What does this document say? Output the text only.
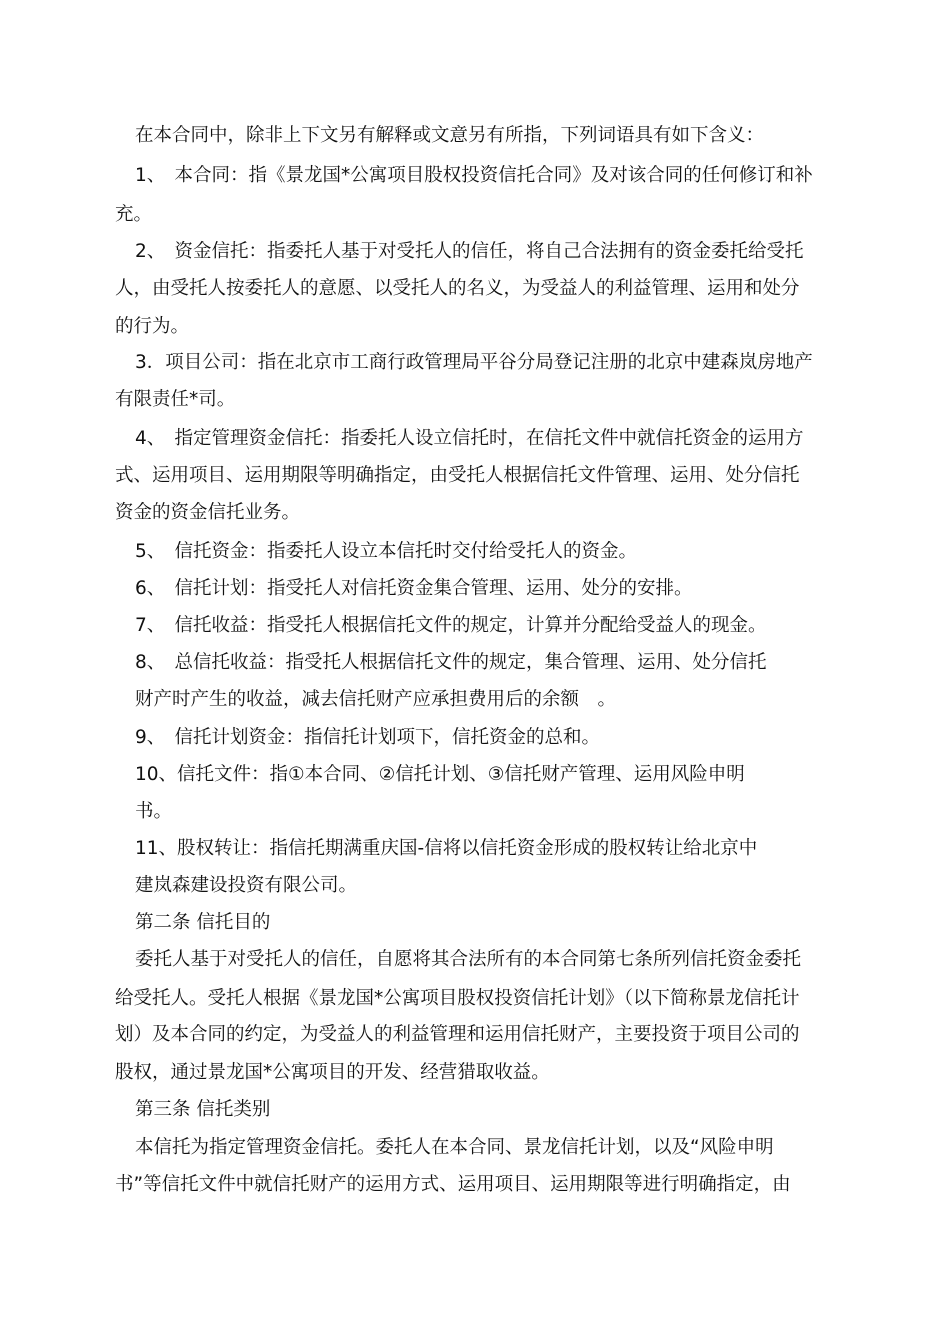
在本合同中，除非上下文另有解释或文意另有所指，下列词语具有如下含义：
1、　本合同：指《景龙国*公寓项目股权投资信托合同》及对该合同的任何修订和补
充。
2、　资金信托：指委托人基于对受托人的信任，将自己合法拥有的资金委托给受托
人，由受托人按委托人的意愿、以受托人的名义，为受益人的利益管理、运用和处分
的行为。
3．项目公司：指在北京市工商行政管理局平谷分局登记注册的北京中建森岚房地产
有限责任*司。
4、　指定管理资金信托：指委托人设立信托时，在信托文件中就信托资金的运用方
式、运用项目、运用期限等明确指定，由受托人根据信托文件管理、运用、处分信托
资金的资金信托业务。
5、　信托资金：指委托人设立本信托时交付给受托人的资金。
6、　信托计划：指受托人对信托资金集合管理、运用、处分的安排。
7、　信托收益：指受托人根据信托文件的规定，计算并分配给受益人的现金。
8、　总信托收益：指受托人根据信托文件的规定，集合管理、运用、处分信托
财产时产生的收益，减去信托财产应承担费用后的余额　。
9、　信托计划资金：指信托计划项下，信托资金的总和。
10、信托文件：指①本合同、②信托计划、③信托财产管理、运用风险申明
书。
11、股权转让：指信托期满重庆国-信将以信托资金形成的股权转让给北京中
建岚森建设投资有限公司。
第二条 信托目的
委托人基于对受托人的信任，自愿将其合法所有的本合同第七条所列信托资金委托
给受托人。受托人根据《景龙国*公寓项目股权投资信托计划》（以下简称景龙信托计
划）及本合同的约定，为受益人的利益管理和运用信托财产，主要投资于项目公司的
股权，通过景龙国*公寓项目的开发、经营猎取收益。
第三条 信托类别
本信托为指定管理资金信托。委托人在本合同、景龙信托计划，以及“风险申明
书”等信托文件中就信托财产的运用方式、运用项目、运用期限等进行明确指定，由
